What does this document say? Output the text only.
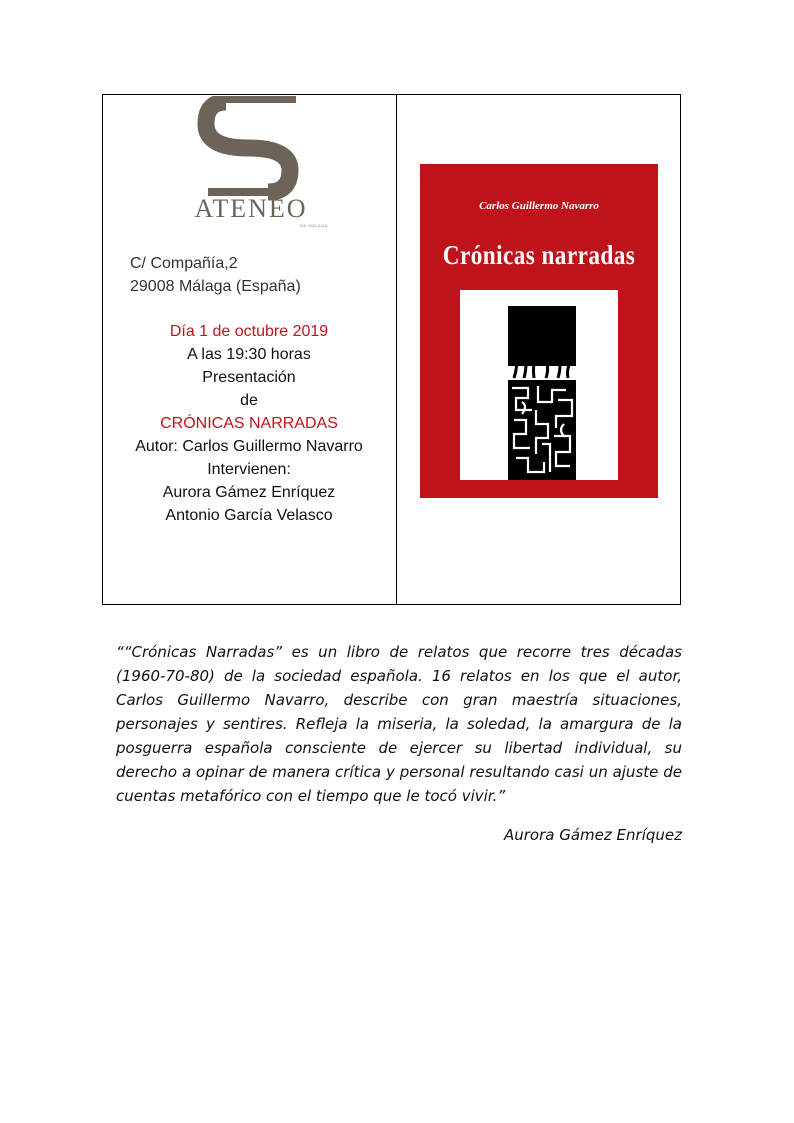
ATENEO
DE MÁLAGA
C/ Compañía,2
29008 Málaga (España)
Día 1 de octubre 2019
A las 19:30 horas
Presentación
de
CRÓNICAS NARRADAS
Autor: Carlos Guillermo Navarro
Intervienen:
Aurora Gámez Enríquez
Antonio García Velasco
Carlos Guillermo Navarro
Crónicas narradas
““Crónicas Narradas” es un libro de relatos que recorre tres décadas (1960-70-80) de la sociedad española. 16 relatos en los que el autor, Carlos Guillermo Navarro, describe con gran maestría situaciones, personajes y sentires. Refleja la miseria, la soledad, la amargura de la posguerra española consciente de ejercer su libertad individual, su derecho a opinar de manera crítica y personal resultando casi un ajuste de cuentas metafórico con el tiempo que le tocó vivir.”
Aurora Gámez Enríquez
